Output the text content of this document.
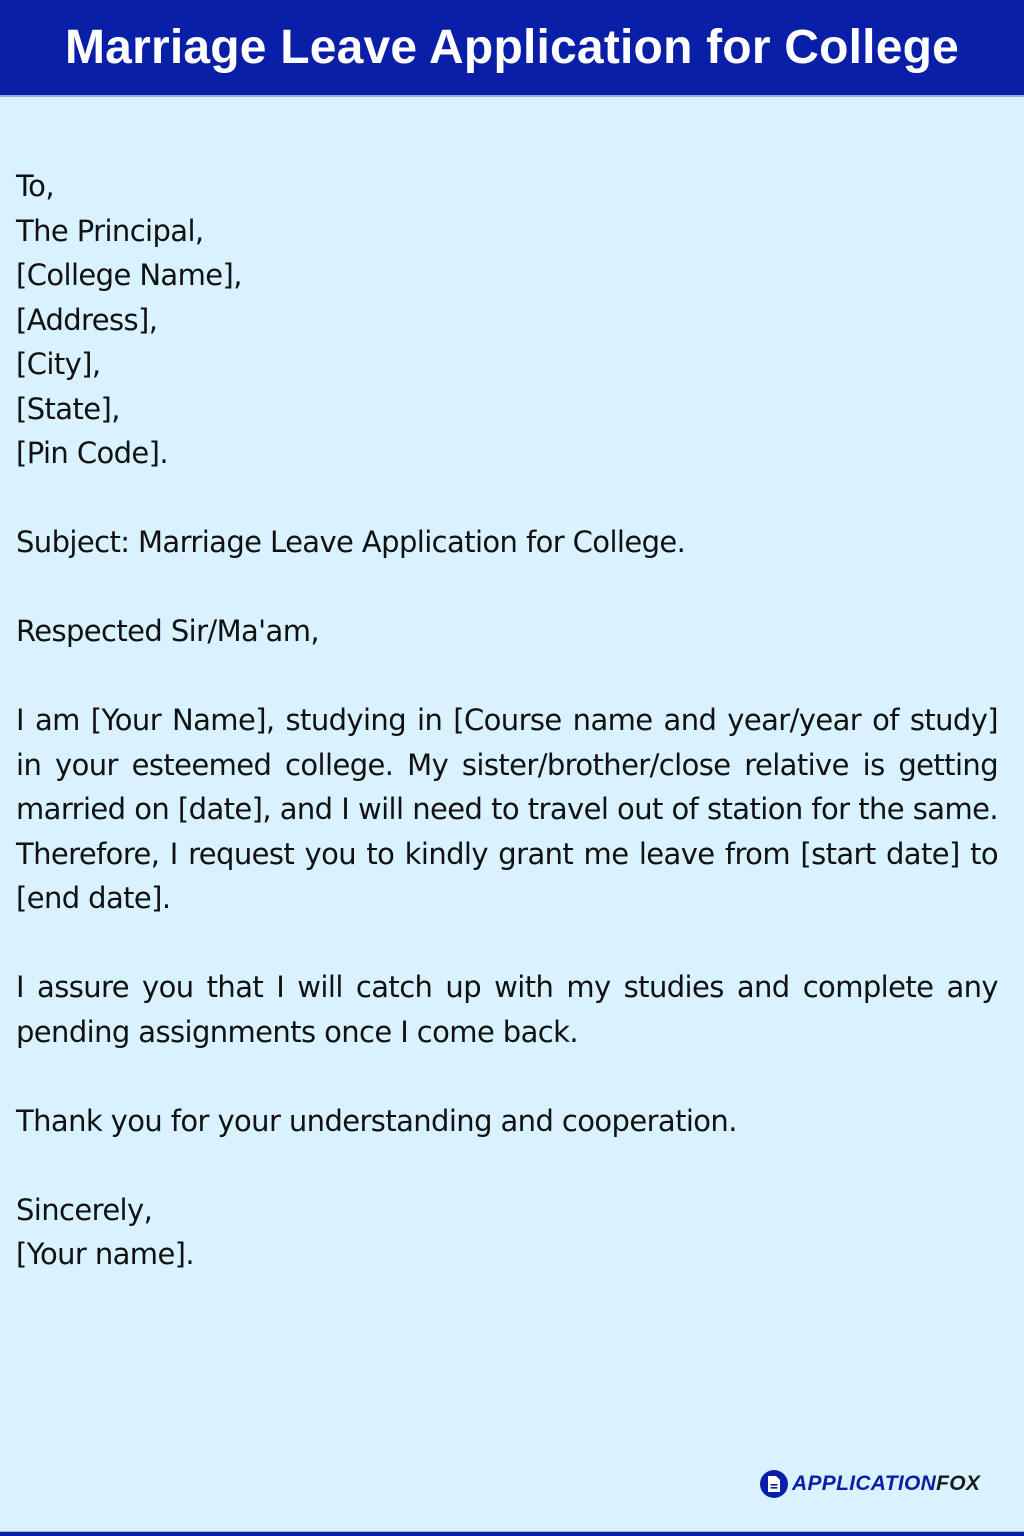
Marriage Leave Application for College
To,
The Principal,
[College Name],
[Address],
[City],
[State],
[Pin Code].
Subject: Marriage Leave Application for College.
Respected Sir/Ma'am,
I am [Your Name], studying in [Course name and year/year of study] in your esteemed college. My sister/brother/close relative is getting married on [date], and I will need to travel out of station for the same. Therefore, I request you to kindly grant me leave from [start date] to [end date].
I assure you that I will catch up with my studies and complete any pending assignments once I come back.
Thank you for your understanding and cooperation.
Sincerely,
[Your name].
APPLICATIONFOX
